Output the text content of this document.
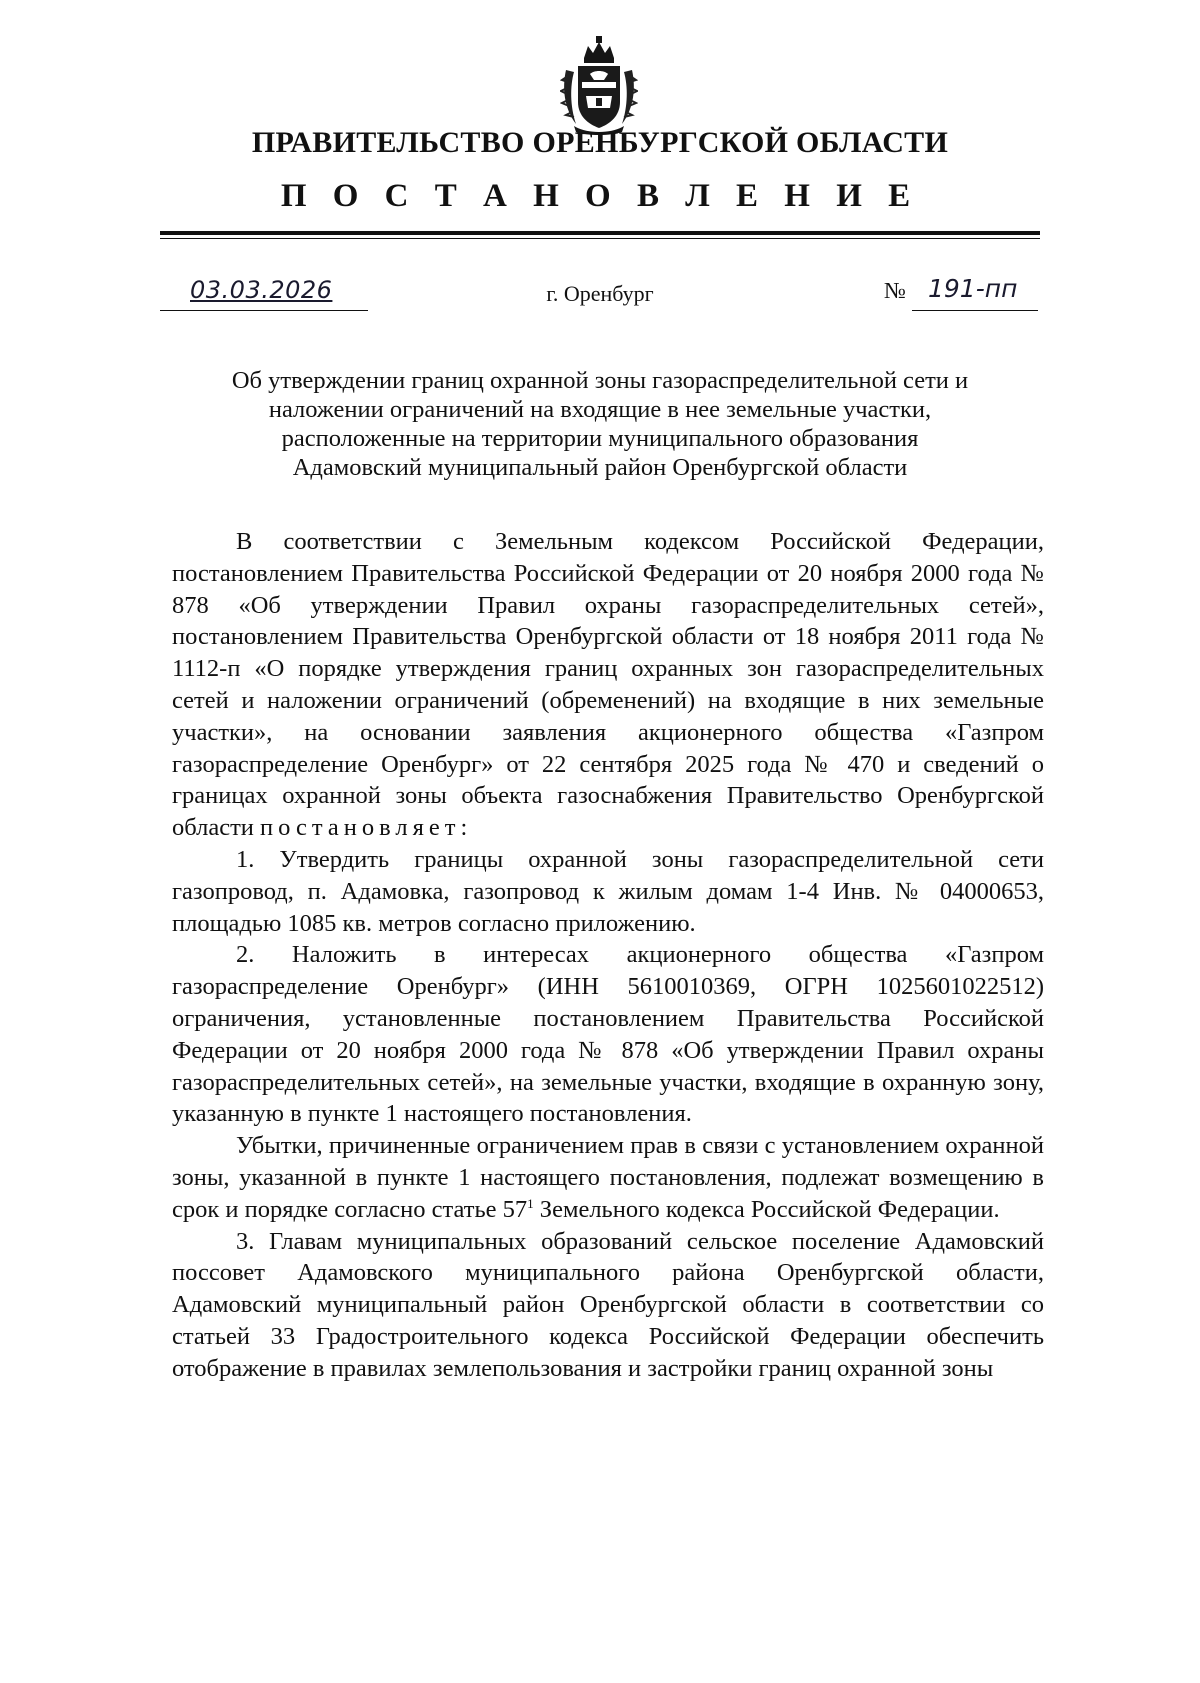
ПРАВИТЕЛЬСТВО ОРЕНБУРГСКОЙ ОБЛАСТИ
П О С Т А Н О В Л Е Н И Е
03.03.2026	г. Оренбург	№ 191-пп
Об утверждении границ охранной зоны газораспределительной сети и
наложении ограничений на входящие в нее земельные участки,
расположенные на территории муниципального образования
Адамовский муниципальный район Оренбургской области

В соответствии с Земельным кодексом Российской Федерации, постановлением Правительства Российской Федерации от 20 ноября 2000 года № 878 «Об утверждении Правил охраны газораспределительных сетей», постановлением Правительства Оренбургской области от 18 ноября 2011 года № 1112-п «О порядке утверждения границ охранных зон газораспределительных сетей и наложении ограничений (обременений) на входящие в них земельные участки», на основании заявления акционерного общества «Газпром газораспределение Оренбург» от 22 сентября 2025 года № 470 и сведений о границах охранной зоны объекта газоснабжения Правительство Оренбургской области постановляет:

1. Утвердить границы охранной зоны газораспределительной сети газопровод, п. Адамовка, газопровод к жилым домам 1-4 Инв. № 04000653, площадью 1085 кв. метров согласно приложению.

2. Наложить в интересах акционерного общества «Газпром газораспределение Оренбург» (ИНН 5610010369, ОГРН 1025601022512) ограничения, установленные постановлением Правительства Российской Федерации от 20 ноября 2000 года № 878 «Об утверждении Правил охраны газораспределительных сетей», на земельные участки, входящие в охранную зону, указанную в пункте 1 настоящего постановления.

Убытки, причиненные ограничением прав в связи с установлением охранной зоны, указанной в пункте 1 настоящего постановления, подлежат возмещению в срок и порядке согласно статье $57^1$ Земельного кодекса Российской Федерации.

3. Главам муниципальных образований сельское поселение Адамовский поссовет Адамовского муниципального района Оренбургской области, Адамовский муниципальный район Оренбургской области в соответствии со статьей 33 Градостроительного кодекса Российской Федерации обеспечить отображение в правилах землепользования и застройки границ охранной зоны
